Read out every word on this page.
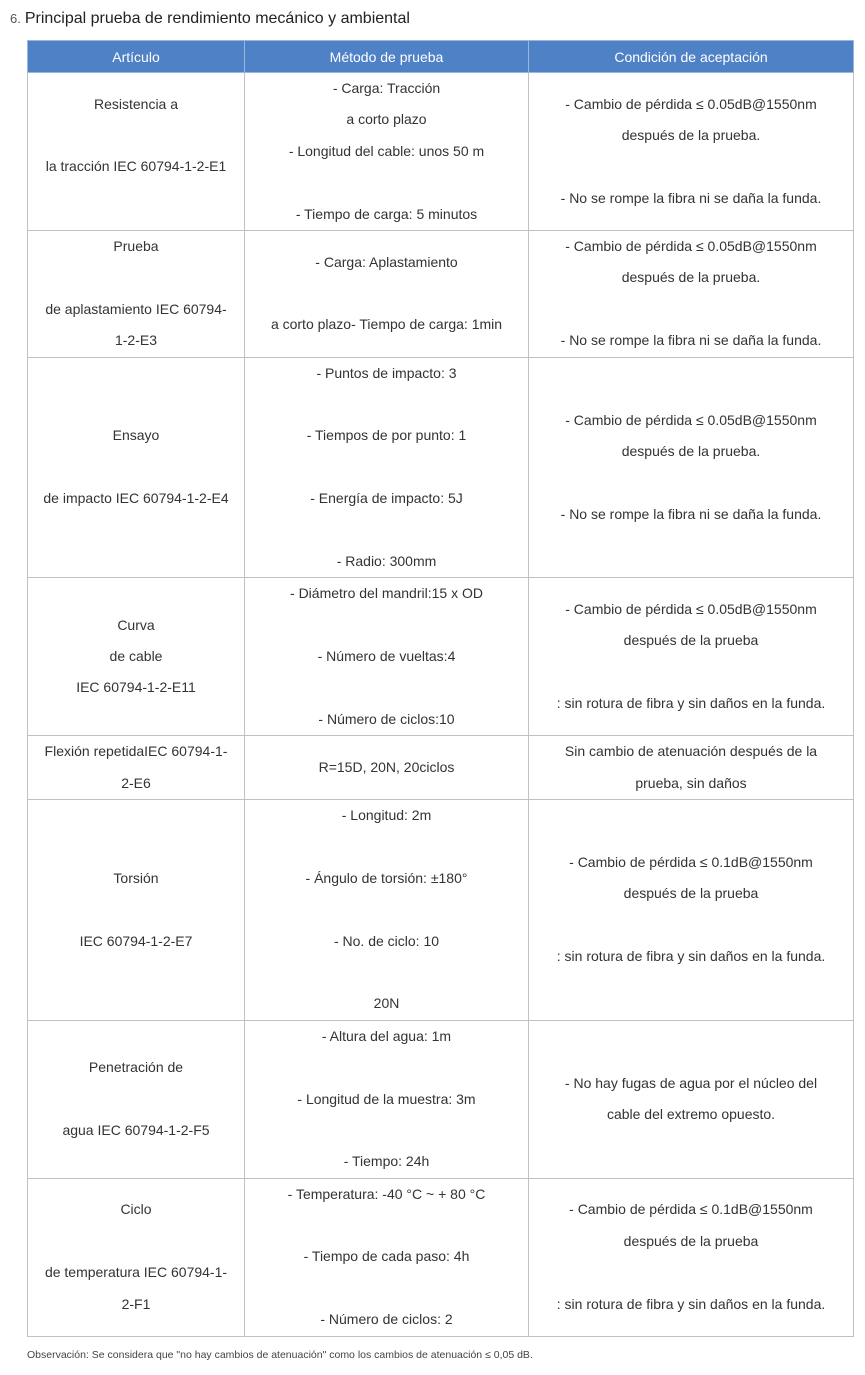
6. Principal prueba de rendimiento mecánico y ambiental
Artículo	Método de prueba	Condición de aceptación

Resistencia a
la tracción IEC 60794-1-2-E1	- Carga: Tracción
a corto plazo
- Longitud del cable: unos 50 m
- Tiempo de carga: 5 minutos	- Cambio de pérdida ≤ 0.05dB@1550nm
después de la prueba.
- No se rompe la fibra ni se daña la funda.

Prueba
de aplastamiento IEC 60794-
1-2-E3	- Carga: Aplastamiento
a corto plazo- Tiempo de carga: 1min	- Cambio de pérdida ≤ 0.05dB@1550nm
después de la prueba.
- No se rompe la fibra ni se daña la funda.

Ensayo
de impacto IEC 60794-1-2-E4	- Puntos de impacto: 3
- Tiempos de por punto: 1
- Energía de impacto: 5J
- Radio: 300mm	- Cambio de pérdida ≤ 0.05dB@1550nm
después de la prueba.
- No se rompe la fibra ni se daña la funda.

Curva
de cable
IEC 60794-1-2-E11	- Diámetro del mandril:15 x OD
- Número de vueltas:4
- Número de ciclos:10	- Cambio de pérdida ≤ 0.05dB@1550nm
después de la prueba
: sin rotura de fibra y sin daños en la funda.

Flexión repetidaIEC 60794-1-
2-E6	R=15D, 20N, 20ciclos	Sin cambio de atenuación después de la
prueba, sin daños

Torsión
IEC 60794-1-2-E7	- Longitud: 2m
- Ángulo de torsión: ±180°
- No. de ciclo: 10
20N	- Cambio de pérdida ≤ 0.1dB@1550nm
después de la prueba
: sin rotura de fibra y sin daños en la funda.

Penetración de
agua IEC 60794-1-2-F5	- Altura del agua: 1m
- Longitud de la muestra: 3m
- Tiempo: 24h	- No hay fugas de agua por el núcleo del
cable del extremo opuesto.

Ciclo
de temperatura IEC 60794-1-
2-F1	- Temperatura: -40 °C ~ + 80 °C
- Tiempo de cada paso: 4h
- Número de ciclos: 2	- Cambio de pérdida ≤ 0.1dB@1550nm
después de la prueba
: sin rotura de fibra y sin daños en la funda.
Observación: Se considera que "no hay cambios de atenuación" como los cambios de atenuación ≤ 0,05 dB.
